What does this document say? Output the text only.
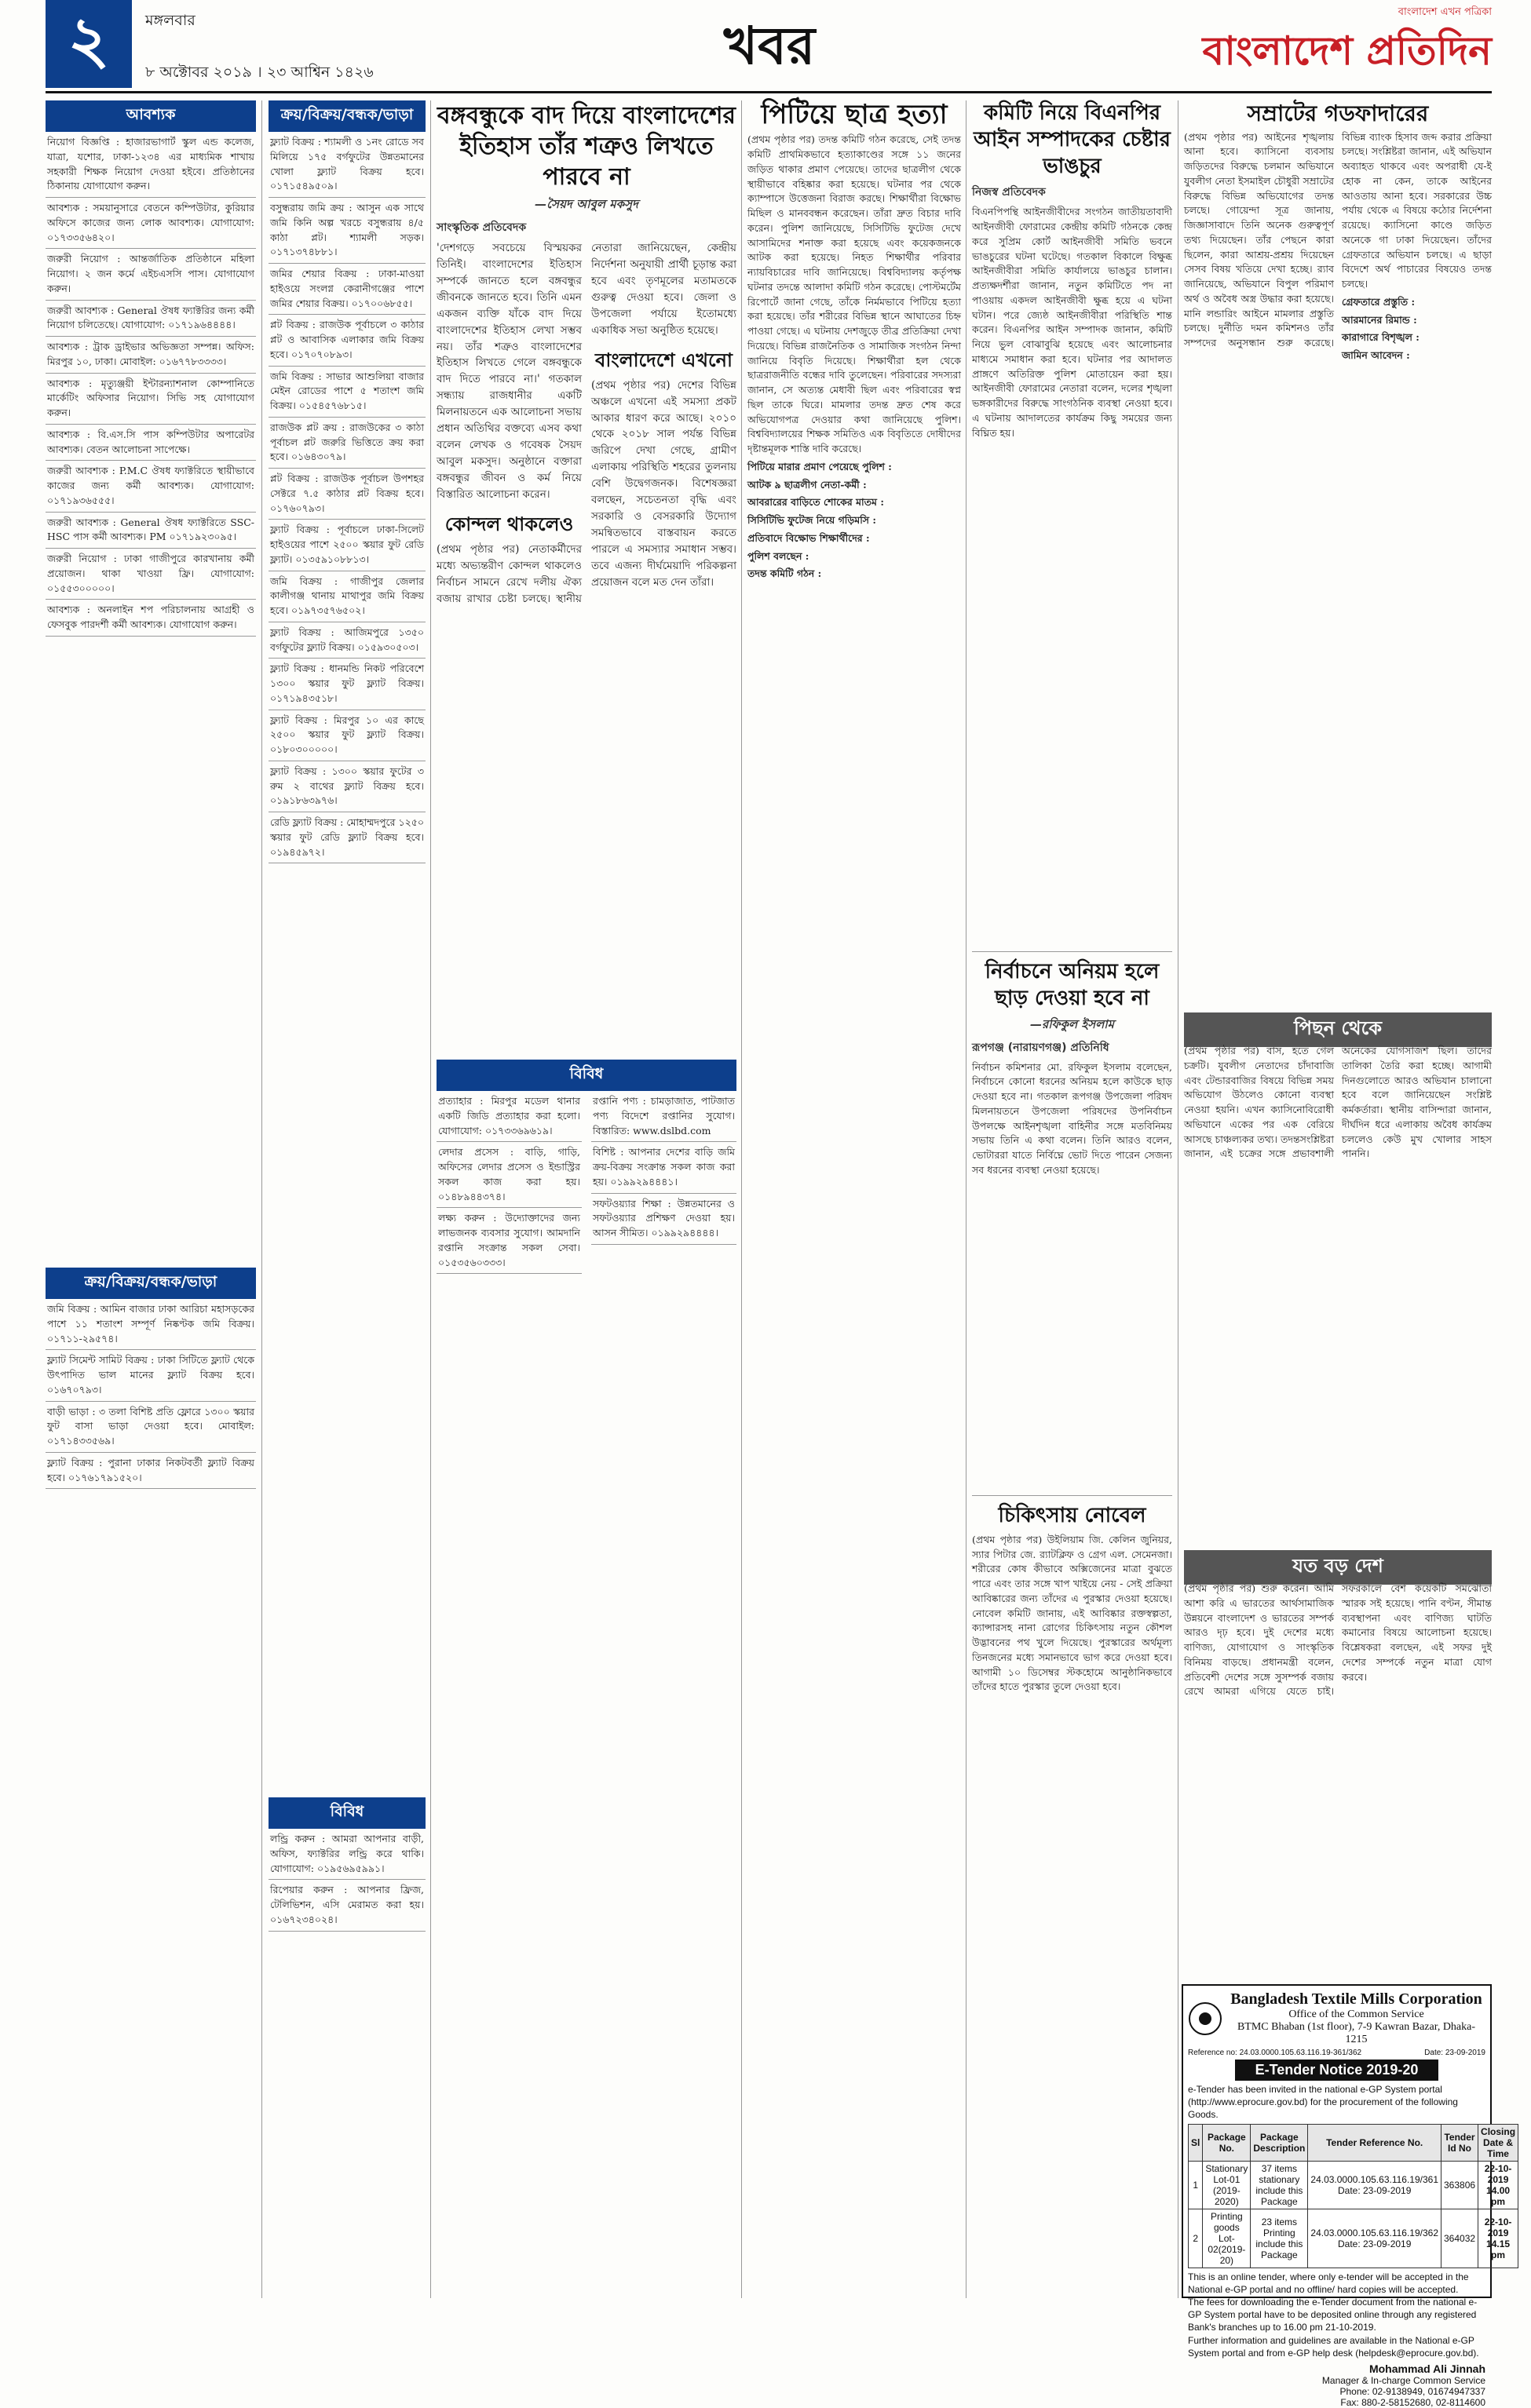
২	মঙ্গলবার
৮ অক্টোবর ২০১৯ । ২৩ আশ্বিন ১৪২৬	খবর
বাংলাদেশ এখন পত্রিকা
বাংলাদেশ প্রতিদিন
আবশ্যক
নিয়োগ বিজ্ঞপ্তি : হাজারভাগার্ট স্কুল এন্ড কলেজ, যাত্রা, যশোর, ঢাকা-১২৩৪ এর মাধ্যমিক শাখায় সহকারী শিক্ষক নিয়োগ দেওয়া হইবে। প্রতিষ্ঠানের ঠিকানায় যোগাযোগ করুন।
আবশ্যক : সময়ানুসারে বেতনে কম্পিউটার, কুরিয়ার অফিসে কাজের জন্য লোক আবশ্যক। যোগাযোগ: ০১৭৩৩৫৬৪২০।
জরুরী নিয়োগ : আন্তর্জাতিক প্রতিষ্ঠানে মহিলা নিয়োগ। ২ জন কর্মে এইচএসসি পাস। যোগাযোগ করুন।
জরুরী আবশ্যক : General ঔষধ ফ্যাক্টরির জন্য কর্মী নিয়োগ চলিতেছে। যোগাযোগ: ০১৭১৯৬৪৪৪৪।
আবশ্যক : ট্রাক ড্রাইভার অভিজ্ঞতা সম্পন্ন। অফিস: মিরপুর ১০, ঢাকা। মোবাইল: ০১৬৭৭৮৩৩৩৩।
আবশ্যক : মৃত্যুঞ্জয়ী ইন্টারন্যাশনাল কোম্পানিতে মার্কেটিং অফিসার নিয়োগ। সিভি সহ যোগাযোগ করুন।
আবশ্যক : বি.এস.সি পাস কম্পিউটার অপারেটর আবশ্যক। বেতন আলোচনা সাপেক্ষে।
জরুরী আবশ্যক : P.M.C ঔষধ ফ্যাক্টরিতে স্থায়ীভাবে কাজের জন্য কর্মী আবশ্যক। যোগাযোগ: ০১৭১৯৩৬৫৫৫।
জরুরী আবশ্যক : General ঔষধ ফ্যাক্টরিতে SSC-HSC পাস কর্মী আবশ্যক। PM ০১৭১৯২৩০৯৫।
জরুরী নিয়োগ : ঢাকা গাজীপুরে কারখানায় কর্মী প্রয়োজন। থাকা খাওয়া ফ্রি। যোগাযোগ: ০১৫৫৩০০০০০।
আবশ্যক : অনলাইন শপ পরিচালনায় আগ্রহী ও ফেসবুক পারদর্শী কর্মী আবশ্যক। যোগাযোগ করুন।
ক্রয়/বিক্রয়/বন্ধক/ভাড়া
জমি বিক্রয় : আমিন বাজার ঢাকা আরিচা মহাসড়কের পাশে ১১ শতাংশ সম্পূর্ণ নিষ্কণ্টক জমি বিক্রয়। ০১৭১১-২৯৫৭৪।
ফ্ল্যাট সিমেন্ট সামিট বিক্রয় : ঢাকা সিটিতে ফ্ল্যাট থেকে উৎপাদিত ভাল মানের ফ্ল্যাট বিক্রয় হবে। ০১৬৭০৭৯৩।
বাড়ী ভাড়া : ৩ তলা বিশিষ্ট প্রতি ফ্লোরে ১৩০০ স্কয়ার ফুট বাসা ভাড়া দেওয়া হবে। মোবাইল: ০১৭১৪৩৩৫৬৯।
ফ্ল্যাট বিক্রয় : পুরানা ঢাকার নিকটবর্তী ফ্ল্যাট বিক্রয় হবে। ০১৭৬১৭৯১৫২০।
ক্রয়/বিক্রয়/বন্ধক/ভাড়া
ফ্ল্যাট বিক্রয় : শ্যামলী ও ১নং রোডে সব মিলিয়ে ১৭৫ বর্গফুটের উন্নতমানের খোলা ফ্ল্যাট বিক্রয় হবে। ০১৭১৫৪৯৫০৯।
বসুন্ধরায় জমি ক্রয় : আসুন এক সাথে জমি কিনি অল্প খরচে বসুন্ধরায় ৪/৫ কাঠা প্লট। শ্যামলী সড়ক। ০১৭১৩৭৪৮৮১।
জমির শেয়ার বিক্রয় : ঢাকা-মাওয়া হাইওয়ে সংলগ্ন কেরানীগঞ্জের পাশে জমির শেয়ার বিক্রয়। ০১৭০০৬৮৫৫।
প্লট বিক্রয় : রাজউক পূর্বাচলে ৩ কাঠার প্লট ও আবাসিক এলাকার জমি বিক্রয় হবে। ০১৭০৭০৮৯৩।
জমি বিক্রয় : সাভার আশুলিয়া বাজার মেইন রোডের পাশে ৫ শতাংশ জমি বিক্রয়। ০১৫৪৫৭৬৮১৫।
রাজউক প্লট ক্রয় : রাজউকের ৩ কাঠা পূর্বাচল প্লট জরুরি ভিত্তিতে ক্রয় করা হবে। ০১৬৪৩০৭৯।
প্লট বিক্রয় : রাজউক পূর্বাচল উপশহর সেক্টরে ৭.৫ কাঠার প্লট বিক্রয় হবে। ০১৭৬০৭৯৩।
ফ্ল্যাট বিক্রয় : পূর্বাচলে ঢাকা-সিলেট হাইওয়ের পাশে ২৫০০ স্কয়ার ফুট রেডি ফ্ল্যাট। ০১৩৫৯১০৮৮১৩।
জমি বিক্রয় : গাজীপুর জেলার কালীগঞ্জ থানায় মাথাপুর জমি বিক্রয় হবে। ০১৯৭৩৫৭৬৫০২।
ফ্ল্যাট বিক্রয় : আজিমপুরে ১৩৫০ বর্গফুটের ফ্ল্যাট বিক্রয়। ০১৫৯৩০৫০৩।
ফ্ল্যাট বিক্রয় : ধানমন্ডি নিকট পরিবেশে ১৩০০ স্কয়ার ফুট ফ্ল্যাট বিক্রয়। ০১৭১৯৪৩৫১৮।
ফ্ল্যাট বিক্রয় : মিরপুর ১০ এর কাছে ২৫০০ স্কয়ার ফুট ফ্ল্যাট বিক্রয়। ০১৮০৩০০০০০।
ফ্ল্যাট বিক্রয় : ১৩০০ স্কয়ার ফুটের ৩ রুম ২ বাথের ফ্ল্যাট বিক্রয় হবে। ০১৯১৮৬৩৯৭৬।
রেডি ফ্ল্যাট বিক্রয় : মোহাম্মদপুরে ১২৫০ স্কয়ার ফুট রেডি ফ্ল্যাট বিক্রয় হবে। ০১৯৪৫৯৭২।
বিবিধ
লন্ড্রি করুন : আমরা আপনার বাড়ী, অফিস, ফ্যাক্টরির লন্ড্রি করে থাকি। যোগাযোগ: ০১৯৫৬৯৫৯৯১।
রিপেয়ার করুন : আপনার ফ্রিজ, টেলিভিশন, এসি মেরামত করা হয়। ০১৬৭২৩৪০২৪।
বঙ্গবন্ধুকে বাদ দিয়ে বাংলাদেশের ইতিহাস তাঁর শত্রুও লিখতে পারবে না
—সৈয়দ আবুল মকসুদ
সাংস্কৃতিক প্রতিবেদক
'দেশগড়ে সবচেয়ে বিস্ময়কর তিনিই। বাংলাদেশের ইতিহাস সম্পর্কে জানতে হলে বঙ্গবন্ধুর জীবনকে জানতে হবে। তিনি এমন একজন ব্যক্তি যাঁকে বাদ দিয়ে বাংলাদেশের ইতিহাস লেখা সম্ভব নয়। তাঁর শত্রুও বাংলাদেশের ইতিহাস লিখতে গেলে বঙ্গবন্ধুকে বাদ দিতে পারবে না।' গতকাল সন্ধ্যায় রাজধানীর একটি মিলনায়তনে এক আলোচনা সভায় প্রধান অতিথির বক্তব্যে এসব কথা বলেন লেখক ও গবেষক সৈয়দ আবুল মকসুদ। অনুষ্ঠানে বক্তারা বঙ্গবন্ধুর জীবন ও কর্ম নিয়ে বিস্তারিত আলোচনা করেন।
কোন্দল থাকলেও
(প্রথম পৃষ্ঠার পর) নেতাকর্মীদের মধ্যে অভ্যন্তরীণ কোন্দল থাকলেও নির্বাচন সামনে রেখে দলীয় ঐক্য বজায় রাখার চেষ্টা চলছে। স্থানীয় নেতারা জানিয়েছেন, কেন্দ্রীয় নির্দেশনা অনুযায়ী প্রার্থী চূড়ান্ত করা হবে এবং তৃণমূলের মতামতকে গুরুত্ব দেওয়া হবে। জেলা ও উপজেলা পর্যায়ে ইতোমধ্যে একাধিক সভা অনুষ্ঠিত হয়েছে।
বাংলাদেশে এখনো
(প্রথম পৃষ্ঠার পর) দেশের বিভিন্ন অঞ্চলে এখনো এই সমস্যা প্রকট আকার ধারণ করে আছে। ২০১০ থেকে ২০১৮ সাল পর্যন্ত বিভিন্ন জরিপে দেখা গেছে, গ্রামীণ এলাকায় পরিস্থিতি শহরের তুলনায় বেশি উদ্বেগজনক। বিশেষজ্ঞরা বলছেন, সচেতনতা বৃদ্ধি এবং সরকারি ও বেসরকারি উদ্যোগ সমন্বিতভাবে বাস্তবায়ন করতে পারলে এ সমস্যার সমাধান সম্ভব। তবে এজন্য দীর্ঘমেয়াদি পরিকল্পনা প্রয়োজন বলে মত দেন তাঁরা।
বিবিধ
প্রত্যাহার : মিরপুর মডেল থানার একটি জিডি প্রত্যাহার করা হলো। যোগাযোগ: ০১৭৩৩৬৯৬১৯।
লেদার প্রসেস : বাড়ি, গাড়ি, অফিসের লেদার প্রসেস ও ইন্ডাস্ট্রির সকল কাজ করা হয়। ০১৪৮৯৪৪৩৭৪।
লক্ষ্য করুন : উদ্যোক্তাদের জন্য লাভজনক ব্যবসার সুযোগ। আমদানি রপ্তানি সংক্রান্ত সকল সেবা। ০১৫৩৫৬০৩৩৩।
রপ্তানি পণ্য : চামড়াজাত, পাটজাত পণ্য বিদেশে রপ্তানির সুযোগ। বিস্তারিত: www.dslbd.com
বিশিষ্ট : আপনার দেশের বাড়ি জমি ক্রয়-বিক্রয় সংক্রান্ত সকল কাজ করা হয়। ০১৯৯২৯৪৪৪১।
সফটওয়্যার শিক্ষা : উন্নতমানের ও সফটওয়্যার প্রশিক্ষণ দেওয়া হয়। আসন সীমিত। ০১৯৯২৯৪৪৪৪।
পিটিয়ে ছাত্র হত্যা
(প্রথম পৃষ্ঠার পর) তদন্ত কমিটি গঠন করেছে, সেই তদন্ত কমিটি প্রাথমিকভাবে হত্যাকাণ্ডের সঙ্গে ১১ জনের জড়িত থাকার প্রমাণ পেয়েছে। তাদের ছাত্রলীগ থেকে স্থায়ীভাবে বহিষ্কার করা হয়েছে। ঘটনার পর থেকে ক্যাম্পাসে উত্তেজনা বিরাজ করছে। শিক্ষার্থীরা বিক্ষোভ মিছিল ও মানববন্ধন করেছেন। তাঁরা দ্রুত বিচার দাবি করেন। পুলিশ জানিয়েছে, সিসিটিভি ফুটেজ দেখে আসামিদের শনাক্ত করা হয়েছে এবং কয়েকজনকে আটক করা হয়েছে। নিহত শিক্ষার্থীর পরিবার ন্যায়বিচারের দাবি জানিয়েছে। বিশ্ববিদ্যালয় কর্তৃপক্ষ ঘটনার তদন্তে আলাদা কমিটি গঠন করেছে। পোস্টমর্টেম রিপোর্টে জানা গেছে, তাঁকে নির্মমভাবে পিটিয়ে হত্যা করা হয়েছে। তাঁর শরীরের বিভিন্ন স্থানে আঘাতের চিহ্ন পাওয়া গেছে। এ ঘটনায় দেশজুড়ে তীব্র প্রতিক্রিয়া দেখা দিয়েছে। বিভিন্ন রাজনৈতিক ও সামাজিক সংগঠন নিন্দা জানিয়ে বিবৃতি দিয়েছে। শিক্ষার্থীরা হল থেকে ছাত্ররাজনীতি বন্ধের দাবি তুলেছেন। পরিবারের সদস্যরা জানান, সে অত্যন্ত মেধাবী ছিল এবং পরিবারের স্বপ্ন ছিল তাকে ঘিরে। মামলার তদন্ত দ্রুত শেষ করে অভিযোগপত্র দেওয়ার কথা জানিয়েছে পুলিশ। বিশ্ববিদ্যালয়ের শিক্ষক সমিতিও এক বিবৃতিতে দোষীদের দৃষ্টান্তমূলক শাস্তি দাবি করেছে।
পিটিয়ে মারার প্রমাণ পেয়েছে পুলিশ :
আটক ৯ ছাত্রলীগ নেতা-কর্মী :
আবরারের বাড়িতে শোকের মাতম :
সিসিটিভি ফুটেজ নিয়ে গড়িমসি :
প্রতিবাদে বিক্ষোভ শিক্ষার্থীদের :
পুলিশ বলছেন :
তদন্ত কমিটি গঠন :
কমিটি নিয়ে বিএনপির আইন সম্পাদকের চেষ্টার ভাঙচুর
নিজস্ব প্রতিবেদক
বিএনপিপন্থি আইনজীবীদের সংগঠন জাতীয়তাবাদী আইনজীবী ফোরামের কেন্দ্রীয় কমিটি গঠনকে কেন্দ্র করে সুপ্রিম কোর্ট আইনজীবী সমিতি ভবনে ভাঙচুরের ঘটনা ঘটেছে। গতকাল বিকালে বিক্ষুব্ধ আইনজীবীরা সমিতি কার্যালয়ে ভাঙচুর চালান। প্রত্যক্ষদর্শীরা জানান, নতুন কমিটিতে পদ না পাওয়ায় একদল আইনজীবী ক্ষুব্ধ হয়ে এ ঘটনা ঘটান। পরে জ্যেষ্ঠ আইনজীবীরা পরিস্থিতি শান্ত করেন। বিএনপির আইন সম্পাদক জানান, কমিটি নিয়ে ভুল বোঝাবুঝি হয়েছে এবং আলোচনার মাধ্যমে সমাধান করা হবে। ঘটনার পর আদালত প্রাঙ্গণে অতিরিক্ত পুলিশ মোতায়েন করা হয়। আইনজীবী ফোরামের নেতারা বলেন, দলের শৃঙ্খলা ভঙ্গকারীদের বিরুদ্ধে সাংগঠনিক ব্যবস্থা নেওয়া হবে। এ ঘটনায় আদালতের কার্যক্রম কিছু সময়ের জন্য বিঘ্নিত হয়।
নির্বাচনে অনিয়ম হলে ছাড় দেওয়া হবে না
—রফিকুল ইসলাম
রূপগঞ্জ (নারায়ণগঞ্জ) প্রতিনিধি
নির্বাচন কমিশনার মো. রফিকুল ইসলাম বলেছেন, নির্বাচনে কোনো ধরনের অনিয়ম হলে কাউকে ছাড় দেওয়া হবে না। গতকাল রূপগঞ্জ উপজেলা পরিষদ মিলনায়তনে উপজেলা পরিষদের উপনির্বাচন উপলক্ষে আইনশৃঙ্খলা বাহিনীর সঙ্গে মতবিনিময় সভায় তিনি এ কথা বলেন। তিনি আরও বলেন, ভোটাররা যাতে নির্বিঘ্নে ভোট দিতে পারেন সেজন্য সব ধরনের ব্যবস্থা নেওয়া হয়েছে।
চিকিৎসায় নোবেল
(প্রথম পৃষ্ঠার পর) উইলিয়াম জি. কেলিন জুনিয়র, স্যার পিটার জে. র‌্যাটক্লিফ ও গ্রেগ এল. সেমেনজা। শরীরের কোষ কীভাবে অক্সিজেনের মাত্রা বুঝতে পারে এবং তার সঙ্গে খাপ খাইয়ে নেয় - সেই প্রক্রিয়া আবিষ্কারের জন্য তাঁদের এ পুরস্কার দেওয়া হয়েছে। নোবেল কমিটি জানায়, এই আবিষ্কার রক্তস্বল্পতা, ক্যান্সারসহ নানা রোগের চিকিৎসায় নতুন কৌশল উদ্ভাবনের পথ খুলে দিয়েছে। পুরস্কারের অর্থমূল্য তিনজনের মধ্যে সমানভাবে ভাগ করে দেওয়া হবে। আগামী ১০ ডিসেম্বর স্টকহোমে আনুষ্ঠানিকভাবে তাঁদের হাতে পুরস্কার তুলে দেওয়া হবে।
সম্রাটের গডফাদারের
(প্রথম পৃষ্ঠার পর) আইনের শৃঙ্খলায় আনা হবে। ক্যাসিনো ব্যবসায় জড়িতদের বিরুদ্ধে চলমান অভিযানে যুবলীগ নেতা ইসমাইল চৌধুরী সম্রাটের বিরুদ্ধে বিভিন্ন অভিযোগের তদন্ত চলছে। গোয়েন্দা সূত্র জানায়, জিজ্ঞাসাবাদে তিনি অনেক গুরুত্বপূর্ণ তথ্য দিয়েছেন। তাঁর পেছনে কারা ছিলেন, কারা আশ্রয়-প্রশ্রয় দিয়েছেন সেসব বিষয় খতিয়ে দেখা হচ্ছে। র‌্যাব জানিয়েছে, অভিযানে বিপুল পরিমাণ অর্থ ও অবৈধ অস্ত্র উদ্ধার করা হয়েছে। মানি লন্ডারিং আইনে মামলার প্রস্তুতি চলছে। দুর্নীতি দমন কমিশনও তাঁর সম্পদের অনুসন্ধান শুরু করেছে। বিভিন্ন ব্যাংক হিসাব জব্দ করার প্রক্রিয়া চলছে। সংশ্লিষ্টরা জানান, এই অভিযান অব্যাহত থাকবে এবং অপরাধী যে-ই হোক না কেন, তাকে আইনের আওতায় আনা হবে। সরকারের উচ্চ পর্যায় থেকে এ বিষয়ে কঠোর নির্দেশনা রয়েছে। ক্যাসিনো কাণ্ডে জড়িত অনেকে গা ঢাকা দিয়েছেন। তাঁদের গ্রেফতারে অভিযান চলছে। এ ছাড়া বিদেশে অর্থ পাচারের বিষয়েও তদন্ত চলছে।
গ্রেফতারে প্রস্তুতি :
আরমানের রিমান্ড :
কারাগারে বিশৃঙ্খল :
জামিন আবেদন :
পিছন থেকে
(প্রথম পৃষ্ঠার পর) বাস, হতে গেল চক্রটি। যুবলীগ নেতাদের চাঁদাবাজি এবং টেন্ডারবাজির বিষয়ে বিভিন্ন সময় অভিযোগ উঠলেও কোনো ব্যবস্থা নেওয়া হয়নি। এখন ক্যাসিনোবিরোধী অভিযানে একের পর এক বেরিয়ে আসছে চাঞ্চল্যকর তথ্য। তদন্তসংশ্লিষ্টরা জানান, এই চক্রের সঙ্গে প্রভাবশালী অনেকের যোগসাজশ ছিল। তাদের তালিকা তৈরি করা হচ্ছে। আগামী দিনগুলোতে আরও অভিযান চালানো হবে বলে জানিয়েছেন সংশ্লিষ্ট কর্মকর্তারা। স্থানীয় বাসিন্দারা জানান, দীর্ঘদিন ধরে এলাকায় অবৈধ কার্যক্রম চললেও কেউ মুখ খোলার সাহস পাননি।
যত বড় দেশ
(প্রথম পৃষ্ঠার পর) শুরু করেন। আমি আশা করি এ ভারতের আর্থসামাজিক উন্নয়নে বাংলাদেশ ও ভারতের সম্পর্ক আরও দৃঢ় হবে। দুই দেশের মধ্যে বাণিজ্য, যোগাযোগ ও সাংস্কৃতিক বিনিময় বাড়ছে। প্রধানমন্ত্রী বলেন, প্রতিবেশী দেশের সঙ্গে সুসম্পর্ক বজায় রেখে আমরা এগিয়ে যেতে চাই। সফরকালে বেশ কয়েকটি সমঝোতা স্মারক সই হয়েছে। পানি বণ্টন, সীমান্ত ব্যবস্থাপনা এবং বাণিজ্য ঘাটতি কমানোর বিষয়ে আলোচনা হয়েছে। বিশ্লেষকরা বলছেন, এই সফর দুই দেশের সম্পর্কে নতুন মাত্রা যোগ করবে।
Bangladesh Textile Mills Corporation
Office of the Common Service
BTMC Bhaban (1st floor), 7-9 Kawran Bazar, Dhaka-1215
Reference no: 24.03.0000.105.63.116.19-361/362	Date: 23-09-2019
E-Tender Notice 2019-20
e-Tender has been invited in the national e-GP System portal (http://www.eprocure.gov.bd) for the procurement of the following Goods.
Sl	Package No.	Package Description	Tender Reference No.	Tender Id No	Closing Date & Time
1	Stationary Lot-01 (2019-2020)	37 items stationary include this Package	24.03.0000.105.63.116.19/361 Date: 23-09-2019	363806	22-10-2019 14.00 pm
2	Printing goods Lot-02(2019-20)	23 items Printing include this Package	24.03.0000.105.63.116.19/362 Date: 23-09-2019	364032	22-10-2019 14.15 pm
This is an online tender, where only e-tender will be accepted in the National e-GP portal and no offline/ hard copies will be accepted.
The fees for downloading the e-Tender document from the national e-GP System portal have to be deposited online through any registered Bank's branches up to 16.00 pm 21-10-2019.
Further information and guidelines are available in the National e-GP System portal and from e-GP help desk (helpdesk@eprocure.gov.bd).
Mohammad Ali Jinnah
Manager & In-charge Common Service
Phone: 02-9138949, 01674947337
Fax: 880-2-58152680, 02-8114600
